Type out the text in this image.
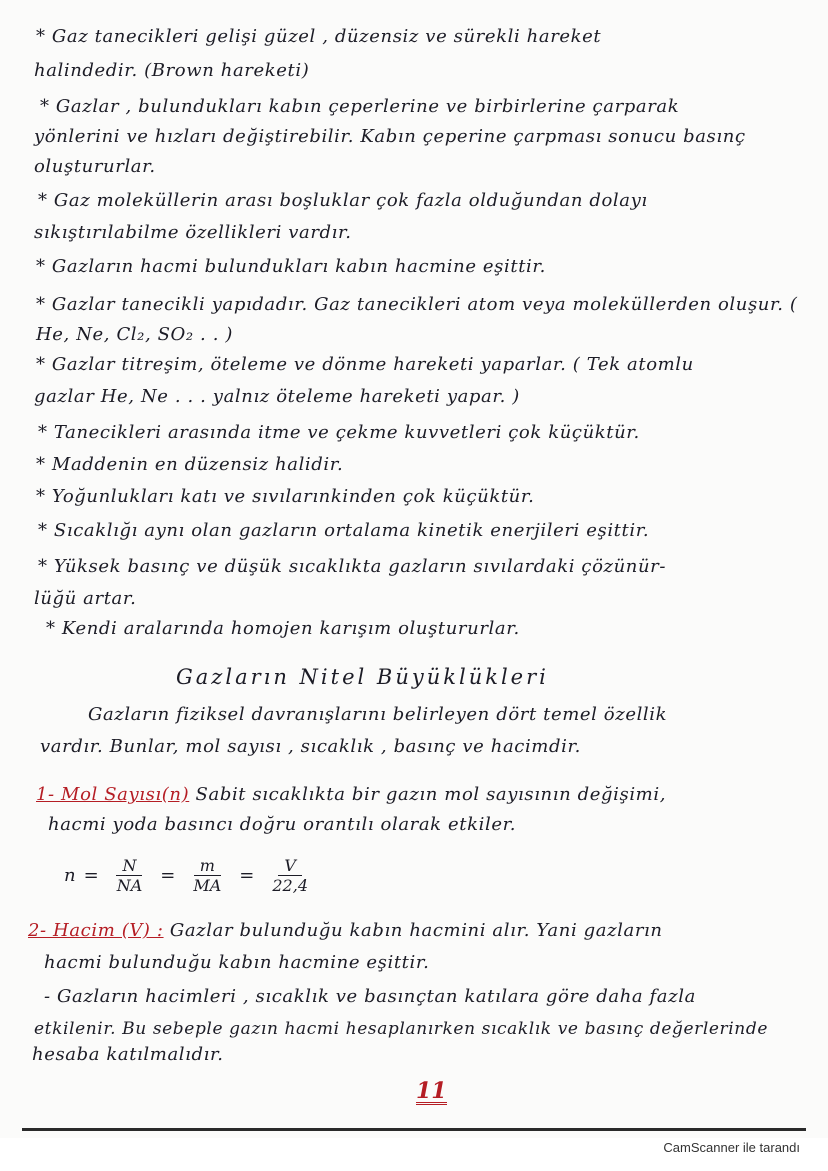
* Gaz tanecikleri gelişi güzel , düzensiz ve sürekli hareket

halindedir. (Brown hareketi)

* Gazlar , bulundukları kabın çeperlerine ve birbirlerine çarparak

yönlerini ve hızları değiştirebilir. Kabın çeperine çarpması sonucu basınç

oluştururlar.

* Gaz moleküllerin arası boşluklar çok fazla olduğundan dolayı

sıkıştırılabilme özellikleri vardır.

* Gazların hacmi bulundukları kabın hacmine eşittir.

* Gazlar tanecikli yapıdadır. Gaz tanecikleri atom veya moleküllerden oluşur. ( He, Ne, Cl₂, SO₂ . . )

* Gazlar titreşim, öteleme ve dönme hareketi yaparlar. ( Tek atomlu

gazlar He, Ne . . . yalnız öteleme hareketi yapar. )

* Tanecikleri arasında itme ve çekme kuvvetleri çok küçüktür.

* Maddenin en düzensiz halidir.

* Yoğunlukları katı ve sıvılarınkinden çok küçüktür.

* Sıcaklığı aynı olan gazların ortalama kinetik enerjileri eşittir.

* Yüksek basınç ve düşük sıcaklıkta gazların sıvılardaki çözünür-

lüğü artar.

* Kendi aralarında homojen karışım oluştururlar.

Gazların Nitel Büyüklükleri

Gazların fiziksel davranışlarını belirleyen dört temel özellik

vardır. Bunlar, mol sayısı , sıcaklık , basınç ve hacimdir.

1- Mol Sayısı(n) Sabit sıcaklıkta bir gazın mol sayısının değişimi,

hacmi yoda basıncı doğru orantılı olarak etkiler.

$n = \frac{N}{NA} = \frac{m}{MA} = \frac{V}{22,4}$

2- Hacim (V) : Gazlar bulunduğu kabın hacmini alır. Yani gazların

hacmi bulunduğu kabın hacmine eşittir.

- Gazların hacimleri , sıcaklık ve basınçtan katılara göre daha fazla

etkilenir. Bu sebeple gazın hacmi hesaplanırken sıcaklık ve basınç değerlerinde

hesaba katılmalıdır.

11
CamScanner ile tarandı
